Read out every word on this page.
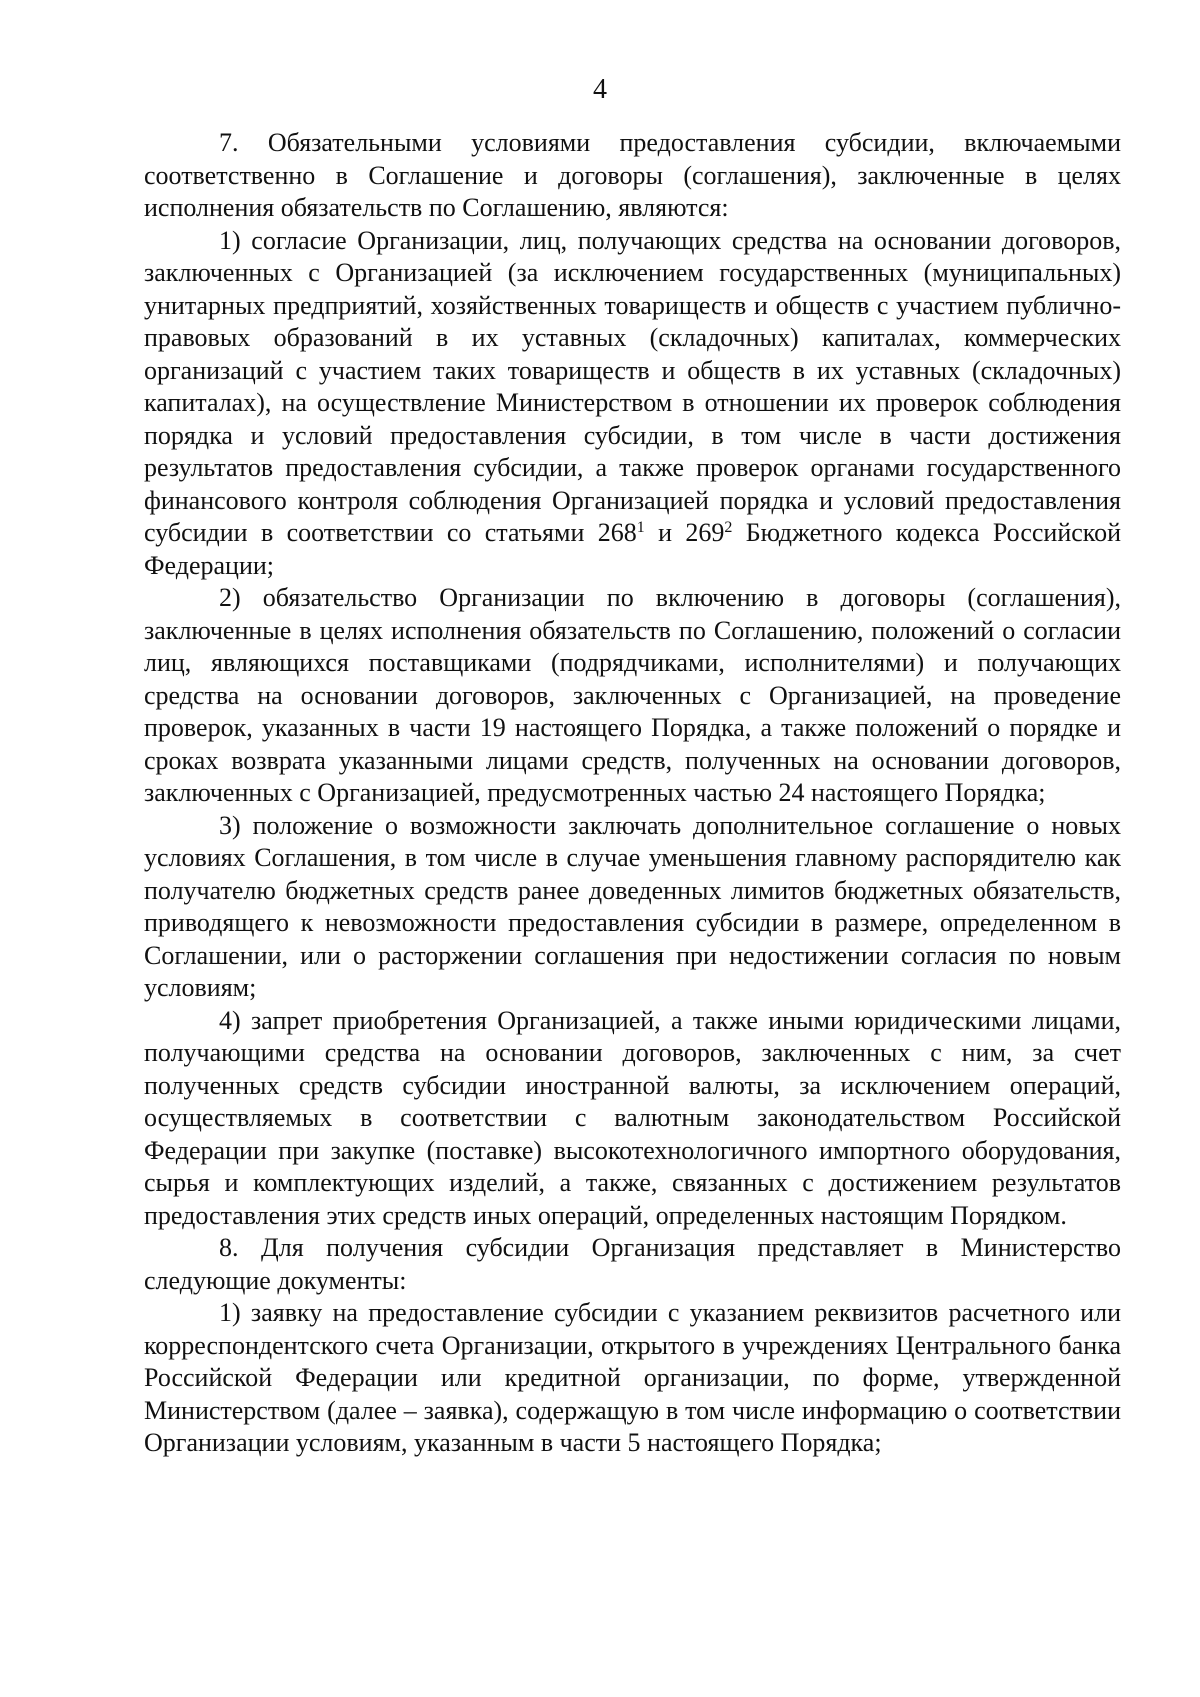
4

7. Обязательными условиями предоставления субсидии, включаемыми соответственно в Соглашение и договоры (соглашения), заключенные в целях исполнения обязательств по Соглашению, являются:

1) согласие Организации, лиц, получающих средства на основании договоров, заключенных с Организацией (за исключением государственных (муниципальных) унитарных предприятий, хозяйственных товариществ и обществ с участием публично-правовых образований в их уставных (складочных) капиталах, коммерческих организаций с участием таких товариществ и обществ в их уставных (складочных) капиталах), на осуществление Министерством в отношении их проверок соблюдения порядка и условий предоставления субсидии, в том числе в части достижения результатов предоставления субсидии, а также проверок органами государственного финансового контроля соблюдения Организацией порядка и условий предоставления субсидии в соответствии со статьями $268^1$ и $269^2$ Бюджетного кодекса Российской Федерации;

2) обязательство Организации по включению в договоры (соглашения), заключенные в целях исполнения обязательств по Соглашению, положений о согласии лиц, являющихся поставщиками (подрядчиками, исполнителями) и получающих средства на основании договоров, заключенных с Организацией, на проведение проверок, указанных в части 19 настоящего Порядка, а также положений о порядке и сроках возврата указанными лицами средств, полученных на основании договоров, заключенных с Организацией, предусмотренных частью 24 настоящего Порядка;

3) положение о возможности заключать дополнительное соглашение о новых условиях Соглашения, в том числе в случае уменьшения главному распорядителю как получателю бюджетных средств ранее доведенных лимитов бюджетных обязательств, приводящего к невозможности предоставления субсидии в размере, определенном в Соглашении, или о расторжении соглашения при недостижении согласия по новым условиям;

4) запрет приобретения Организацией, а также иными юридическими лицами, получающими средства на основании договоров, заключенных с ним, за счет полученных средств субсидии иностранной валюты, за исключением операций, осуществляемых в соответствии с валютным законодательством Российской Федерации при закупке (поставке) высокотехнологичного импортного оборудования, сырья и комплектующих изделий, а также, связанных с достижением результатов предоставления этих средств иных операций, определенных настоящим Порядком.

8. Для получения субсидии Организация представляет в Министерство следующие документы:

1) заявку на предоставление субсидии с указанием реквизитов расчетного или корреспондентского счета Организации, открытого в учреждениях Центрального банка Российской Федерации или кредитной организации, по форме, утвержденной Министерством (далее – заявка), содержащую в том числе информацию о соответствии Организации условиям, указанным в части 5 настоящего Порядка;
